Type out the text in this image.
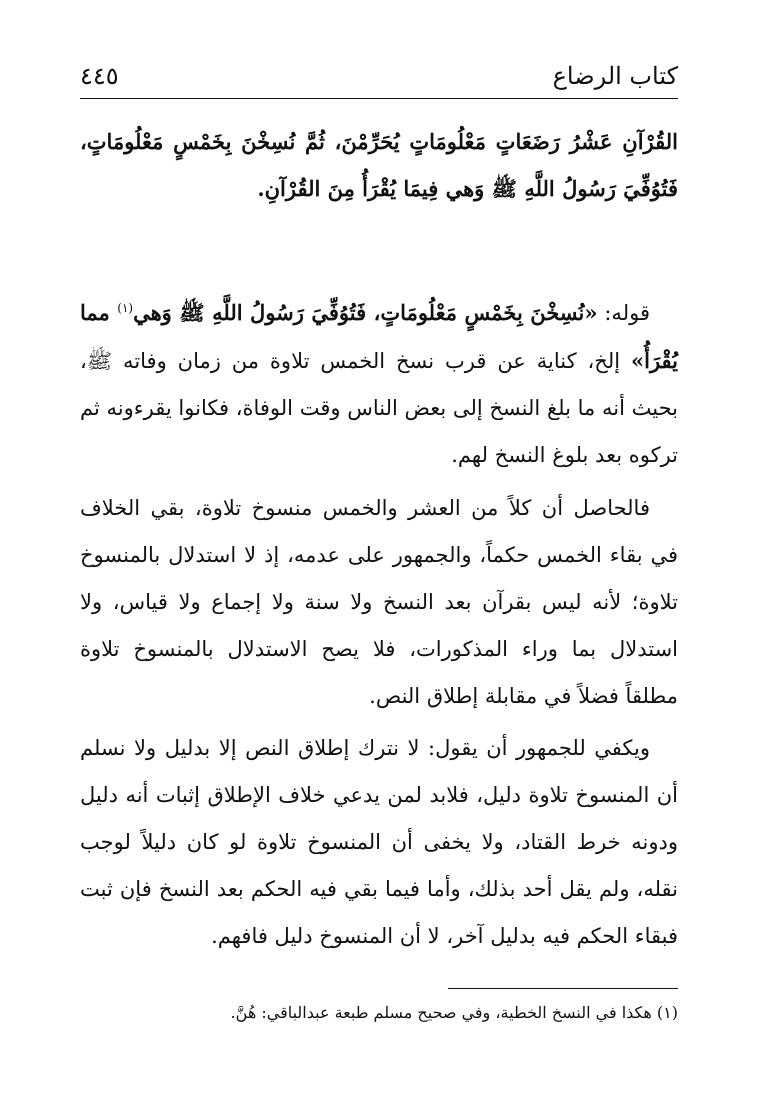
كتاب الرضاع
٤٤٥

القُرْآنِ عَشْرُ رَضَعَاتٍ مَعْلُومَاتٍ يُحَرِّمْنَ، ثُمَّ نُسِخْنَ بِخَمْسٍ مَعْلُومَاتٍ، فَتُوُفِّيَ رَسُولُ اللَّهِ ﷺ وَهي فِيمَا يُقْرَأُ مِنَ القُرْآنِ.

قوله: «نُسِخْنَ بِخَمْسٍ مَعْلُومَاتٍ، فَتُوُفِّيَ رَسُولُ اللَّهِ ﷺ وَهي$^{(١)}$ مما يُقْرَأُ» إلخ، كناية عن قرب نسخ الخمس تلاوة من زمان وفاته ﷺ، بحيث أنه ما بلغ النسخ إلى بعض الناس وقت الوفاة، فكانوا يقرءونه ثم تركوه بعد بلوغ النسخ لهم.

فالحاصل أن كلاً من العشر والخمس منسوخ تلاوة، بقي الخلاف في بقاء الخمس حكماً، والجمهور على عدمه، إذ لا استدلال بالمنسوخ تلاوة؛ لأنه ليس بقرآن بعد النسخ ولا سنة ولا إجماع ولا قياس، ولا استدلال بما وراء المذكورات، فلا يصح الاستدلال بالمنسوخ تلاوة مطلقاً فضلاً في مقابلة إطلاق النص.

ويكفي للجمهور أن يقول: لا نترك إطلاق النص إلا بدليل ولا نسلم أن المنسوخ تلاوة دليل، فلابد لمن يدعي خلاف الإطلاق إثبات أنه دليل ودونه خرط القتاد، ولا يخفى أن المنسوخ تلاوة لو كان دليلاً لوجب نقله، ولم يقل أحد بذلك، وأما فيما بقي فيه الحكم بعد النسخ فإن ثبت فبقاء الحكم فيه بدليل آخر، لا أن المنسوخ دليل فافهم.

(١) هكذا في النسخ الخطية، وفي صحيح مسلم طبعة عبدالباقي: هُنَّ.
